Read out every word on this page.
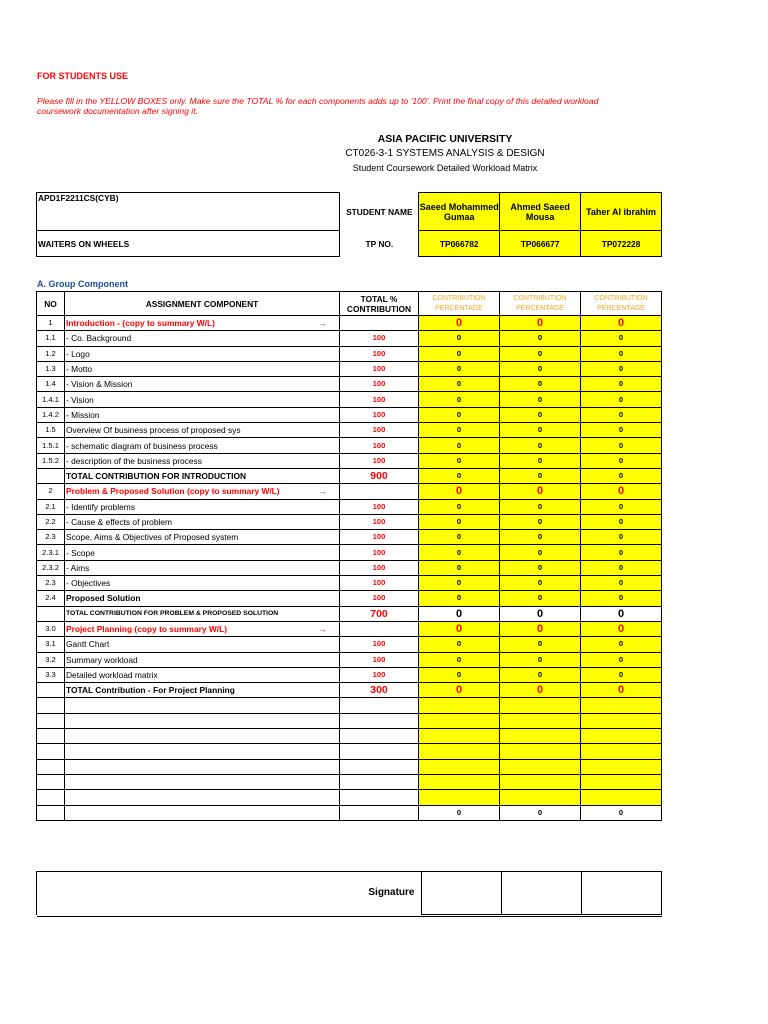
FOR STUDENTS USE
Please fill in the YELLOW BOXES only. Make sure the TOTAL % for each components adds up to '100'. Print the final copy of this detailed workload
coursework documentation after signing it.
ASIA PACIFIC UNIVERSITY
CT026-3-1 SYSTEMS ANALYSIS & DESIGN
Student Coursework Detailed Workload Matrix
APD1F2211CS(CYB)	STUDENT NAME	Saeed Mohammed Gumaa	Ahmed Saeed Mousa	Taher Al ibrahim
WAITERS ON WHEELS	TP NO.	TP066782	TP066677	TP072228
A. Group Component
NO	ASSIGNMENT COMPONENT	TOTAL % CONTRIBUTION	CONTRIBUTION PERCENTAGE	CONTRIBUTION PERCENTAGE	CONTRIBUTION PERCENTAGE
1	Introduction - (copy to summary W/L) →		0	0	0
1.1	- Co. Background	100	0	0	0
1.2	- Logo	100	0	0	0
1.3	- Motto	100	0	0	0
1.4	- Vision & Mission	100	0	0	0
1.4.1	- Vision	100	0	0	0
1.4.2	- Mission	100	0	0	0
1.5	Overview Of business process of proposed sys	100	0	0	0
1.5.1	- schematic diagram of business process	100	0	0	0
1.5.2	- description of the business process	100	0	0	0
	TOTAL CONTRIBUTION FOR INTRODUCTION	900	0	0	0
2	Problem & Proposed Solution (copy to summary W/L) →		0	0	0
2.1	- Identify problems	100	0	0	0
2.2	- Cause & effects of problem	100	0	0	0
2.3	Scope, Aims & Objectives of Proposed system	100	0	0	0
2.3.1	- Scope	100	0	0	0
2.3.2	- Aims	100	0	0	0
2.3	- Objectives	100	0	0	0
2.4	Proposed Solution	100	0	0	0
	TOTAL CONTRIBUTION FOR PROBLEM & PROPOSED SOLUTION	700	0	0	0
3.0	Project Planning (copy to summary W/L) →		0	0	0
3.1	Gantt Chart	100	0	0	0
3.2	Summary workload	100	0	0	0
3.3	Detailed workload matrix	100	0	0	0
	TOTAL Contribution - For Project Planning	300	0	0	0

			0	0	0
Signature			
